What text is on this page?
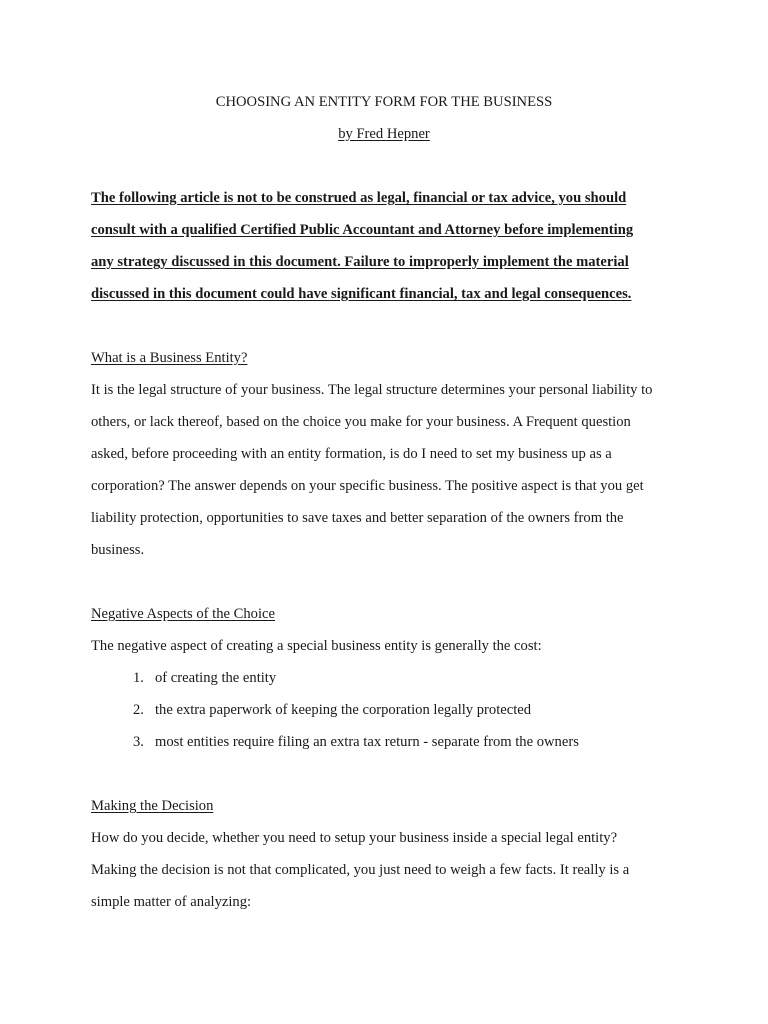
CHOOSING AN ENTITY FORM FOR THE BUSINESS
by Fred Hepner
The following article is not to be construed as legal, financial or tax advice, you should
consult with a qualified Certified Public Accountant and Attorney before implementing
any strategy discussed in this document. Failure to improperly implement the material
discussed in this document could have significant financial, tax and legal consequences.
What is a Business Entity?
It is the legal structure of your business. The legal structure determines your personal liability to
others, or lack thereof, based on the choice you make for your business. A Frequent question
asked, before proceeding with an entity formation, is do I need to set my business up as a
corporation? The answer depends on your specific business. The positive aspect is that you get
liability protection, opportunities to save taxes and better separation of the owners from the
business.
Negative Aspects of the Choice
The negative aspect of creating a special business entity is generally the cost:
1. of creating the entity
2. the extra paperwork of keeping the corporation legally protected
3. most entities require filing an extra tax return - separate from the owners
Making the Decision
How do you decide, whether you need to setup your business inside a special legal entity?
Making the decision is not that complicated, you just need to weigh a few facts. It really is a
simple matter of analyzing:
